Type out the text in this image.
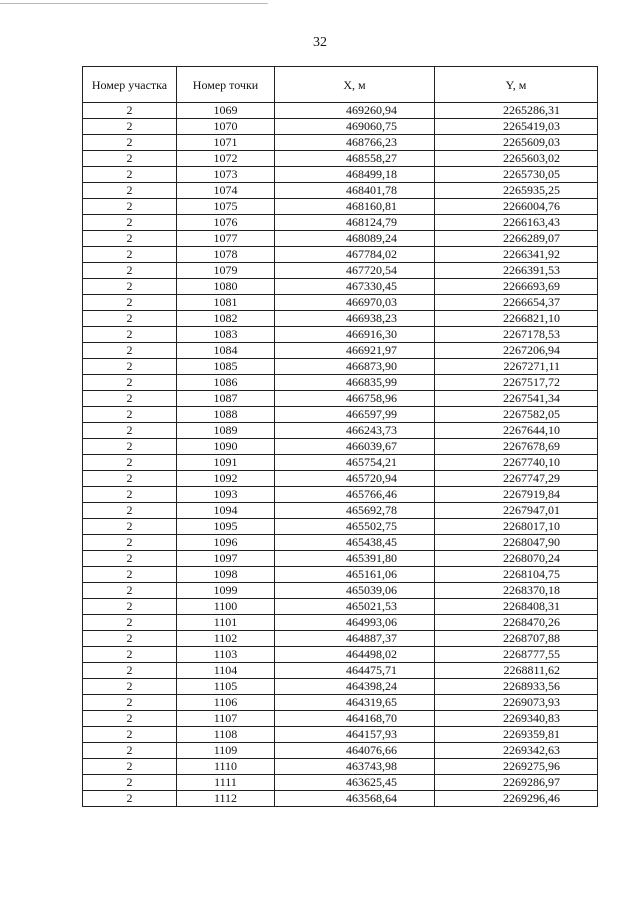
32
Номер участка	Номер точки	X, м	Y, м
2	1069	469260,94	2265286,31
2	1070	469060,75	2265419,03
2	1071	468766,23	2265609,03
2	1072	468558,27	2265603,02
2	1073	468499,18	2265730,05
2	1074	468401,78	2265935,25
2	1075	468160,81	2266004,76
2	1076	468124,79	2266163,43
2	1077	468089,24	2266289,07
2	1078	467784,02	2266341,92
2	1079	467720,54	2266391,53
2	1080	467330,45	2266693,69
2	1081	466970,03	2266654,37
2	1082	466938,23	2266821,10
2	1083	466916,30	2267178,53
2	1084	466921,97	2267206,94
2	1085	466873,90	2267271,11
2	1086	466835,99	2267517,72
2	1087	466758,96	2267541,34
2	1088	466597,99	2267582,05
2	1089	466243,73	2267644,10
2	1090	466039,67	2267678,69
2	1091	465754,21	2267740,10
2	1092	465720,94	2267747,29
2	1093	465766,46	2267919,84
2	1094	465692,78	2267947,01
2	1095	465502,75	2268017,10
2	1096	465438,45	2268047,90
2	1097	465391,80	2268070,24
2	1098	465161,06	2268104,75
2	1099	465039,06	2268370,18
2	1100	465021,53	2268408,31
2	1101	464993,06	2268470,26
2	1102	464887,37	2268707,88
2	1103	464498,02	2268777,55
2	1104	464475,71	2268811,62
2	1105	464398,24	2268933,56
2	1106	464319,65	2269073,93
2	1107	464168,70	2269340,83
2	1108	464157,93	2269359,81
2	1109	464076,66	2269342,63
2	1110	463743,98	2269275,96
2	1111	463625,45	2269286,97
2	1112	463568,64	2269296,46
